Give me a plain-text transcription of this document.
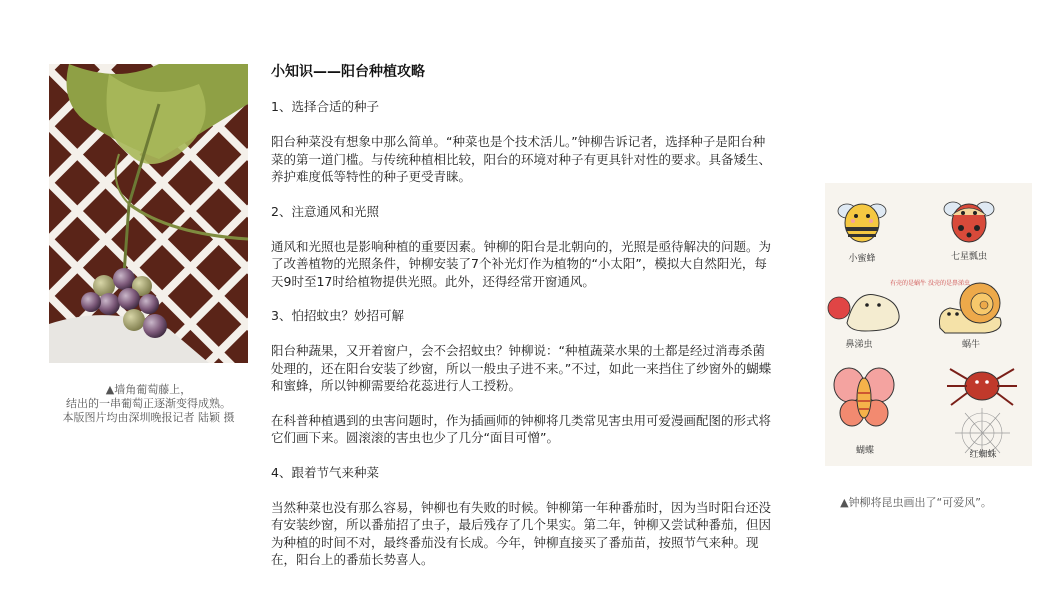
▲墙角葡萄藤上，
结出的一串葡萄正逐渐变得成熟。
本版图片均由深圳晚报记者 陆颖 摄
小知识——阳台种植攻略
1、选择合适的种子

阳台种菜没有想象中那么简单。“种菜也是个技术活儿。”钟柳告诉记者，选择种子是阳台种菜的第一道门槛。与传统种植相比较，阳台的环境对种子有更具针对性的要求。具备矮生、养护难度低等特性的种子更受青睐。

2、注意通风和光照

通风和光照也是影响种植的重要因素。钟柳的阳台是北朝向的，光照是亟待解决的问题。为了改善植物的光照条件，钟柳安装了7个补光灯作为植物的“小太阳”，模拟大自然阳光，每天9时至17时给植物提供光照。此外，还得经常开窗通风。

3、怕招蚊虫？妙招可解

阳台种蔬果，又开着窗户，会不会招蚊虫？钟柳说：“种植蔬菜水果的土都是经过消毒杀菌处理的，还在阳台安装了纱窗，所以一般虫子进不来。”不过，如此一来挡住了纱窗外的蝴蝶和蜜蜂，所以钟柳需要给花蕊进行人工授粉。

在科普种植遇到的虫害问题时，作为插画师的钟柳将几类常见害虫用可爱漫画配图的形式将它们画下来。圆滚滚的害虫也少了几分“面目可憎”。

4、跟着节气来种菜

当然种菜也没有那么容易，钟柳也有失败的时候。钟柳第一年种番茄时，因为当时阳台还没有安装纱窗，所以番茄招了虫子，最后残存了几个果实。第二年，钟柳又尝试种番茄，但因为种植的时间不对，最终番茄没有长成。今年，钟柳直接买了番茄苗，按照节气来种。现在，阳台上的番茄长势喜人。

小蜜蜂	七星瓢虫
有壳的是蜗牛 没壳的是鼻涕虫
鼻涕虫	蜗牛
蝴蝶	红蜘蛛
▲钟柳将昆虫画出了“可爱风”。
